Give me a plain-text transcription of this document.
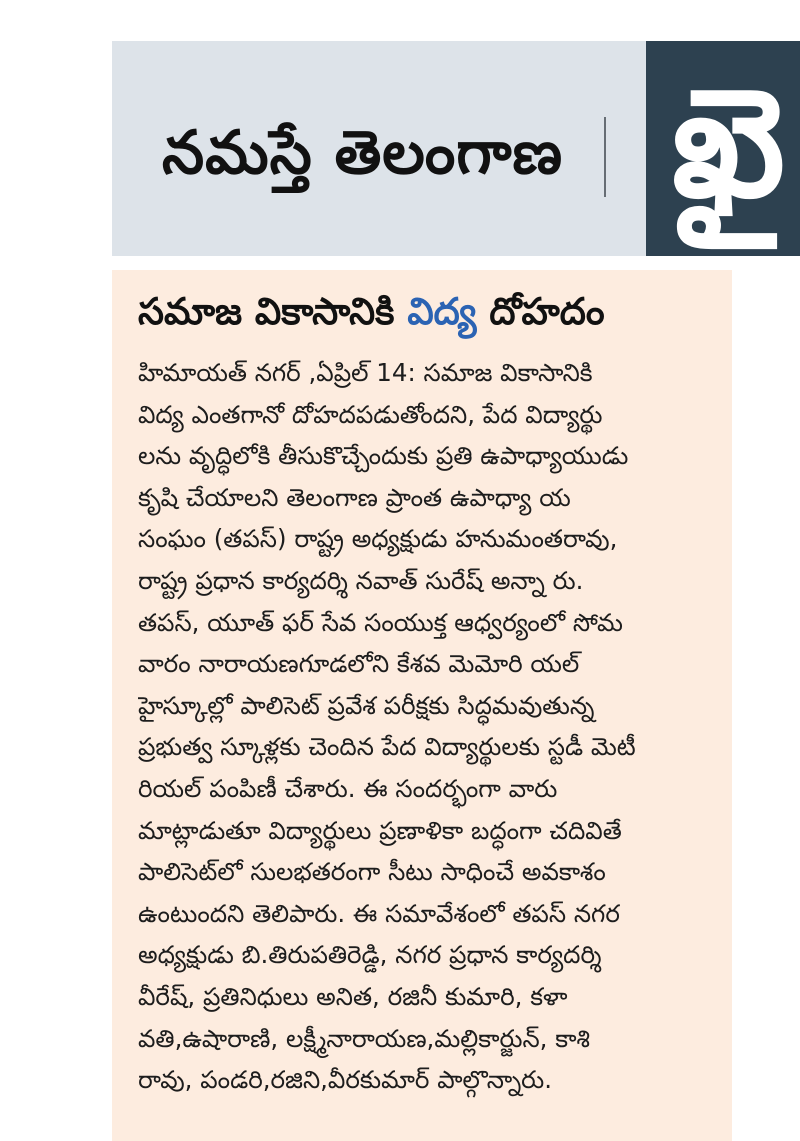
నమస్తే తెలంగాణ ఖై
సమాజ వికాసానికి విద్య దోహదం
హిమాయత్ నగర్ ,ఏప్రిల్ 14: సమాజ వికాసానికి
విద్య ఎంతగానో దోహదపడుతోందని, పేద విద్యార్థు
లను వృద్ధిలోకి తీసుకొచ్చేందుకు ప్రతి ఉపాధ్యాయుడు
కృషి చేయాలని తెలంగాణ ప్రాంత ఉపాధ్యా య
సంఘం (తపస్) రాష్ట్ర అధ్యక్షుడు హనుమంతరావు,
రాష్ట్ర ప్రధాన కార్యదర్శి నవాత్ సురేష్ అన్నా రు.
తపస్, యూత్ ఫర్ సేవ సంయుక్త ఆధ్వర్యంలో సోమ
వారం నారాయణగూడలోని కేశవ మెమోరి యల్
హైస్కూల్లో పాలిసెట్ ప్రవేశ పరీక్షకు సిద్ధమవుతున్న
ప్రభుత్వ స్కూళ్లకు చెందిన పేద విద్యార్థులకు స్టడీ మెటీ
రియల్ పంపిణీ చేశారు. ఈ సందర్భంగా వారు
మాట్లాడుతూ విద్యార్థులు ప్రణాళికా బద్ధంగా చదివితే
పాలిసెట్‌లో సులభతరంగా సీటు సాధించే అవకాశం
ఉంటుందని తెలిపారు. ఈ సమావేశంలో తపస్ నగర
అధ్యక్షుడు బి.తిరుపతిరెడ్డి, నగర ప్రధాన కార్యదర్శి
వీరేష్, ప్రతినిధులు అనిత, రజినీ కుమారి, కళా
వతి,ఉషారాణి, లక్ష్మీనారాయణ,మల్లికార్జున్, కాశి
రావు, పండరి,రజిని,వీరకుమార్ పాల్గొన్నారు.
